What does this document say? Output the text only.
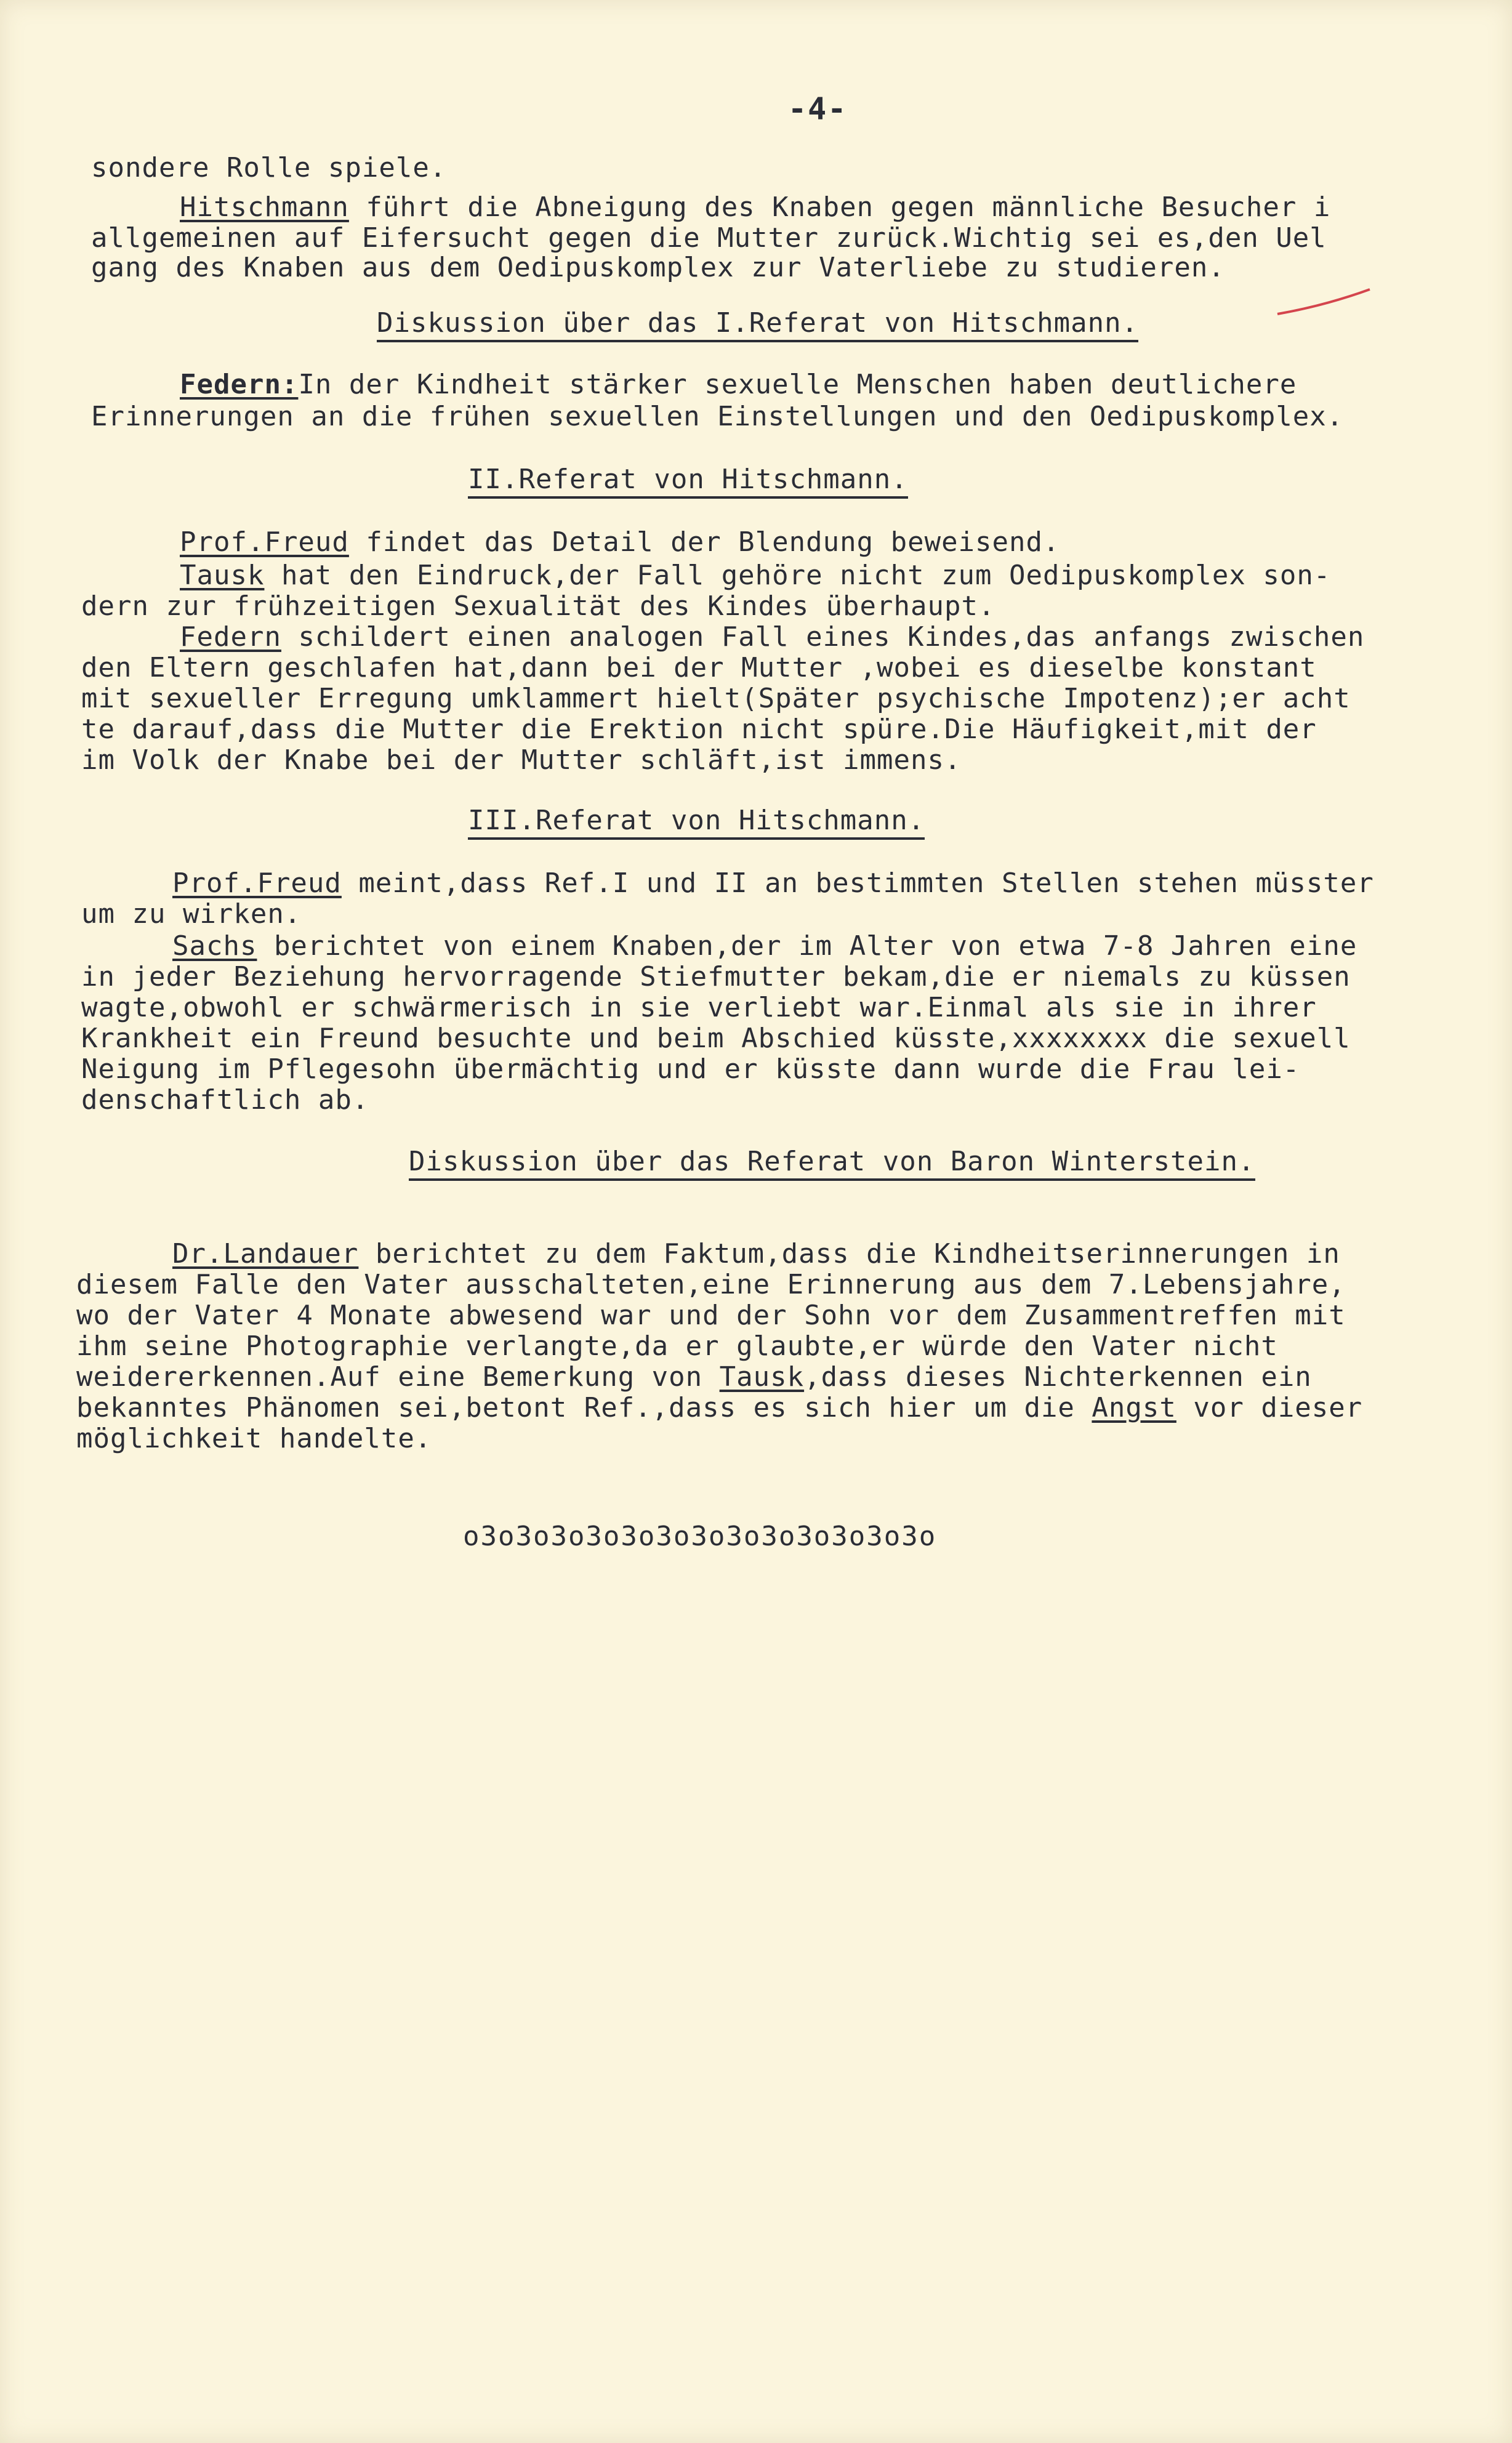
-4-
sondere Rolle spiele.
Hitschmann führt die Abneigung des Knaben gegen männliche Besucher i
allgemeinen auf Eifersucht gegen die Mutter zurück.Wichtig sei es,den Uel
gang des Knaben aus dem Oedipuskomplex zur Vaterliebe zu studieren.
Diskussion über das I.Referat von Hitschmann.
Federn:In der Kindheit stärker sexuelle Menschen haben deutlichere
Erinnerungen an die frühen sexuellen Einstellungen und den Oedipuskomplex.
II.Referat von Hitschmann.
Prof.Freud findet das Detail der Blendung beweisend.
Tausk hat den Eindruck,der Fall gehöre nicht zum Oedipuskomplex son-
dern zur frühzeitigen Sexualität des Kindes überhaupt.
Federn schildert einen analogen Fall eines Kindes,das anfangs zwischen
den Eltern geschlafen hat,dann bei der Mutter ,wobei es dieselbe konstant
mit sexueller Erregung umklammert hielt(Später psychische Impotenz);er acht
te darauf,dass die Mutter die Erektion nicht spüre.Die Häufigkeit,mit der
im Volk der Knabe bei der Mutter schläft,ist immens.
III.Referat von Hitschmann.
Prof.Freud meint,dass Ref.I und II an bestimmten Stellen stehen müsster
um zu wirken.
Sachs berichtet von einem Knaben,der im Alter von etwa 7-8 Jahren eine
in jeder Beziehung hervorragende Stiefmutter bekam,die er niemals zu küssen
wagte,obwohl er schwärmerisch in sie verliebt war.Einmal als sie in ihrer
Krankheit ein Freund besuchte und beim Abschied küsste,xxxxxxxx die sexuell
Neigung im Pflegesohn übermächtig und er küsste dann wurde die Frau lei-
denschaftlich ab.
Diskussion über das Referat von Baron Winterstein.
Dr.Landauer berichtet zu dem Faktum,dass die Kindheitserinnerungen in
diesem Falle den Vater ausschalteten,eine Erinnerung aus dem 7.Lebensjahre,
wo der Vater 4 Monate abwesend war und der Sohn vor dem Zusammentreffen mit
ihm seine Photographie verlangte,da er glaubte,er würde den Vater nicht
weidererkennen.Auf eine Bemerkung von Tausk,dass dieses Nichterkennen ein
bekanntes Phänomen sei,betont Ref.,dass es sich hier um die Angst vor dieser
möglichkeit handelte.
o3o3o3o3o3o3o3o3o3o3o3o3o3o
